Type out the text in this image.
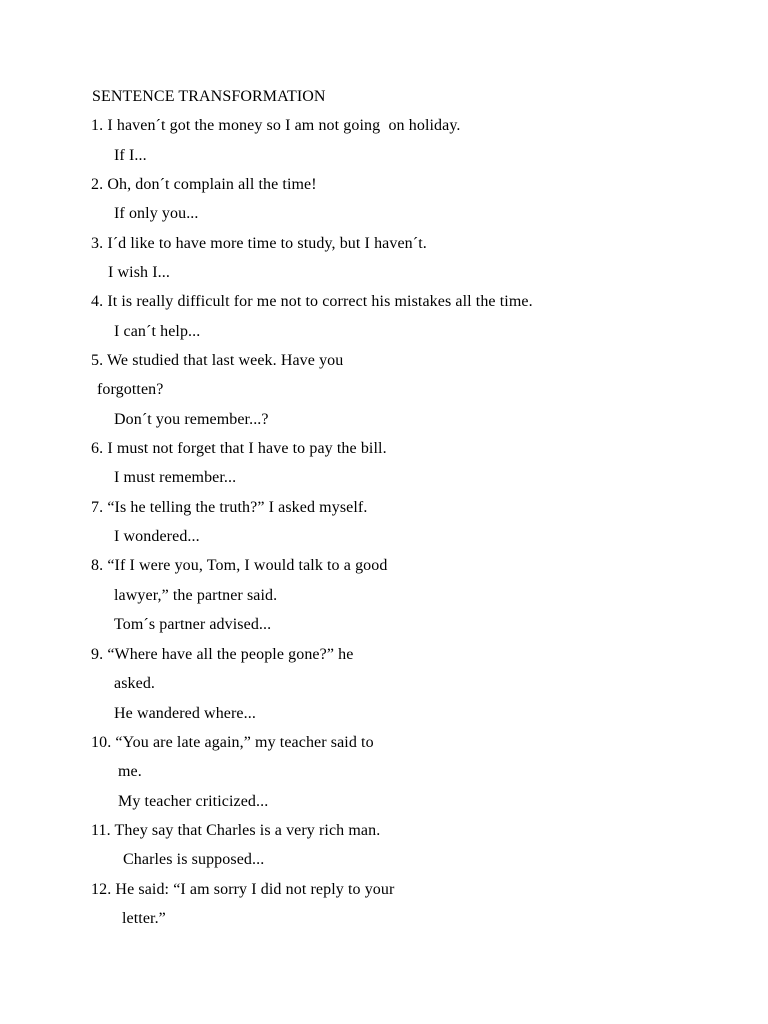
SENTENCE TRANSFORMATION
1. I haven´t got the money so I am not going  on holiday.
If I...
2. Oh, don´t complain all the time!
If only you...
3. I´d like to have more time to study, but I haven´t.
I wish I...
4. It is really difficult for me not to correct his mistakes all the time.
I can´t help...
5. We studied that last week. Have you
forgotten?
Don´t you remember...?
6. I must not forget that I have to pay the bill.
I must remember...
7. “Is he telling the truth?” I asked myself.
I wondered...
8. “If I were you, Tom, I would talk to a good
lawyer,” the partner said.
Tom´s partner advised...
9. “Where have all the people gone?” he
asked.
He wandered where...
10. “You are late again,” my teacher said to
me.
My teacher criticized...
11. They say that Charles is a very rich man.
Charles is supposed...
12. He said: “I am sorry I did not reply to your
letter.”
